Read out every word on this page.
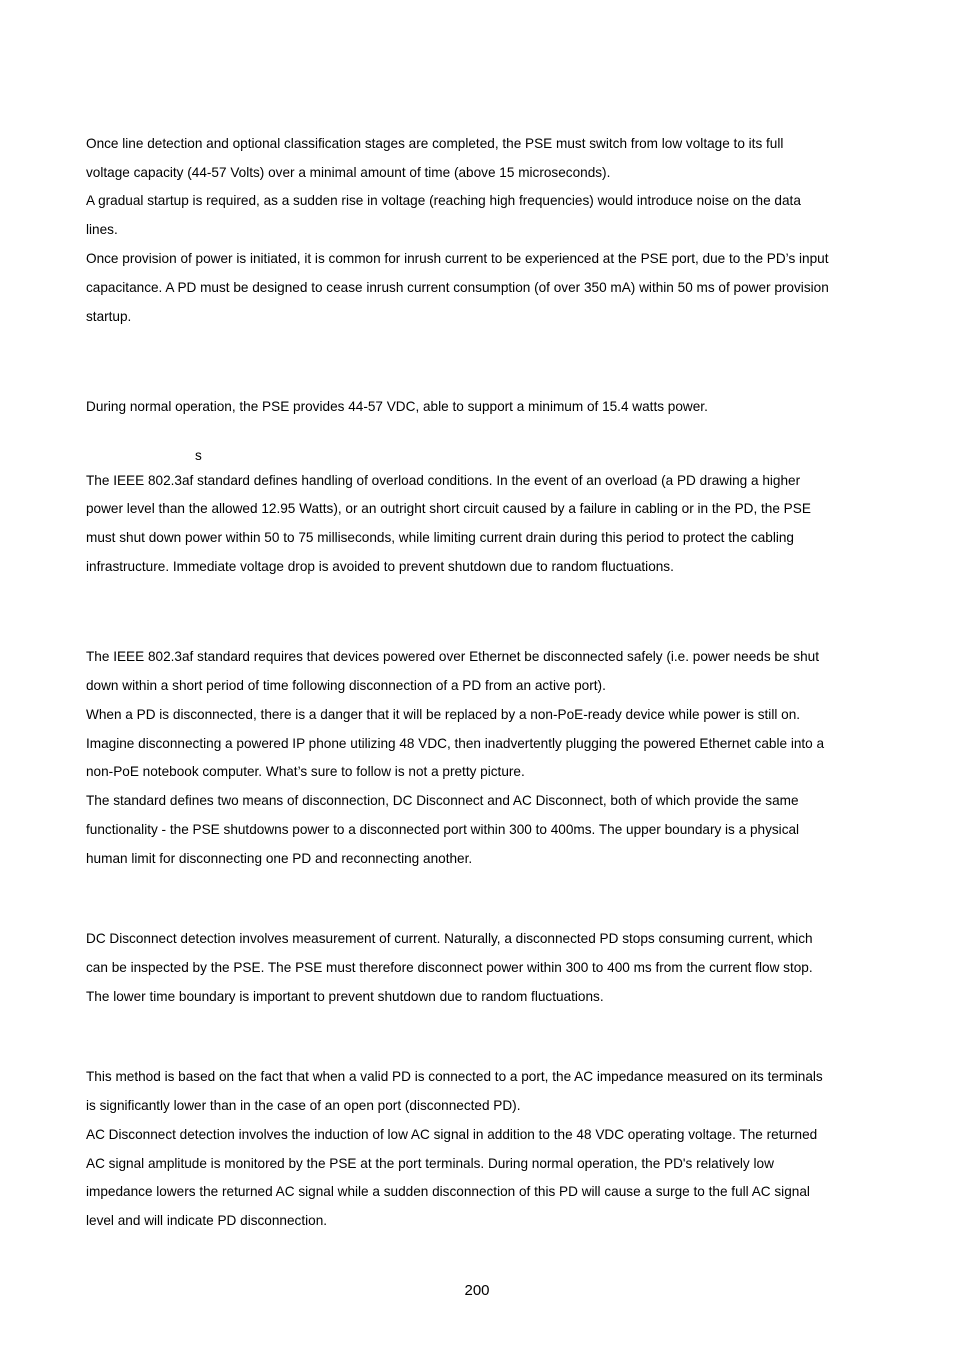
Once line detection and optional classification stages are completed, the PSE must switch from low voltage to its full
voltage capacity (44-57 Volts) over a minimal amount of time (above 15 microseconds).
A gradual startup is required, as a sudden rise in voltage (reaching high frequencies) would introduce noise on the data
lines.
Once provision of power is initiated, it is common for inrush current to be experienced at the PSE port, due to the PD’s input
capacitance. A PD must be designed to cease inrush current consumption (of over 350 mA) within 50 ms of power provision
startup.
During normal operation, the PSE provides 44-57 VDC, able to support a minimum of 15.4 watts power.
s
The IEEE 802.3af standard defines handling of overload conditions. In the event of an overload (a PD drawing a higher
power level than the allowed 12.95 Watts), or an outright short circuit caused by a failure in cabling or in the PD, the PSE
must shut down power within 50 to 75 milliseconds, while limiting current drain during this period to protect the cabling
infrastructure. Immediate voltage drop is avoided to prevent shutdown due to random fluctuations.
The IEEE 802.3af standard requires that devices powered over Ethernet be disconnected safely (i.e. power needs be shut
down within a short period of time following disconnection of a PD from an active port).
When a PD is disconnected, there is a danger that it will be replaced by a non-PoE-ready device while power is still on.
Imagine disconnecting a powered IP phone utilizing 48 VDC, then inadvertently plugging the powered Ethernet cable into a
non-PoE notebook computer. What’s sure to follow is not a pretty picture.
The standard defines two means of disconnection, DC Disconnect and AC Disconnect, both of which provide the same
functionality - the PSE shutdowns power to a disconnected port within 300 to 400ms. The upper boundary is a physical
human limit for disconnecting one PD and reconnecting another.
DC Disconnect detection involves measurement of current. Naturally, a disconnected PD stops consuming current, which
can be inspected by the PSE. The PSE must therefore disconnect power within 300 to 400 ms from the current flow stop.
The lower time boundary is important to prevent shutdown due to random fluctuations.
This method is based on the fact that when a valid PD is connected to a port, the AC impedance measured on its terminals
is significantly lower than in the case of an open port (disconnected PD).
AC Disconnect detection involves the induction of low AC signal in addition to the 48 VDC operating voltage. The returned
AC signal amplitude is monitored by the PSE at the port terminals. During normal operation, the PD's relatively low
impedance lowers the returned AC signal while a sudden disconnection of this PD will cause a surge to the full AC signal
level and will indicate PD disconnection.
200
